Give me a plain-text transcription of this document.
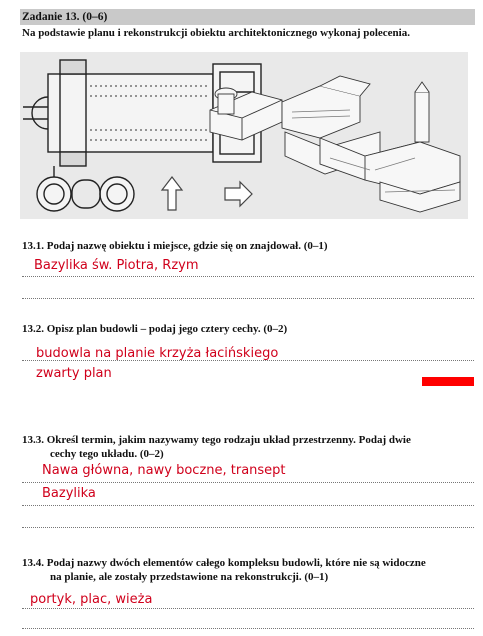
Zadanie 13. (0–6)
Na podstawie planu i rekonstrukcji obiektu architektonicznego wykonaj polecenia.
13.1. Podaj nazwę obiektu i miejsce, gdzie się on znajdował. (0–1)
Bazylika św. Piotra, Rzym
13.2. Opisz plan budowli – podaj jego cztery cechy. (0–2)
budowla na planie krzyża łacińskiego
zwarty plan
13.3. Określ termin, jakim nazywamy tego rodzaju układ przestrzenny. Podaj dwie
cechy tego układu. (0–2)
Nawa główna, nawy boczne, transept
Bazylika
13.4. Podaj nazwy dwóch elementów całego kompleksu budowli, które nie są widoczne
na planie, ale zostały przedstawione na rekonstrukcji. (0–1)
portyk, plac, wieża
